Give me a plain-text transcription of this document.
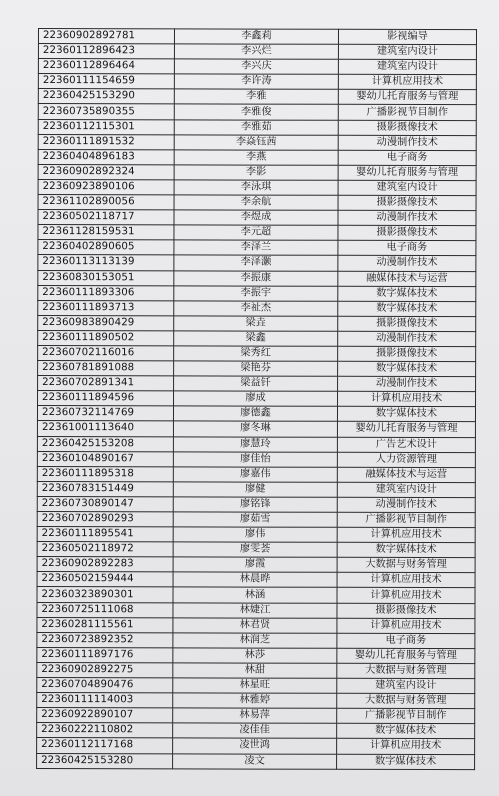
22360902892781	李鑫莉	影视编导
22360112896423	李兴烂	建筑室内设计
22360112896464	李兴庆	建筑室内设计
22360111154659	李许涛	计算机应用技术
22360425153290	李雅	婴幼儿托育服务与管理
22360735890355	李雅俊	广播影视节目制作
22360112115301	李雅茹	摄影摄像技术
22360111891532	李焱钰茜	动漫制作技术
22360404896183	李燕	电子商务
22360902892324	李影	婴幼儿托育服务与管理
22360923890106	李泳琪	建筑室内设计
22361102890056	李余航	摄影摄像技术
22360502118717	李煜成	动漫制作技术
22361128159531	李元超	摄影摄像技术
22360402890605	李泽兰	电子商务
22360113113139	李泽灏	动漫制作技术
22360830153051	李振康	融媒体技术与运营
22360111893306	李振宇	数字媒体技术
22360111893713	李祉杰	数字媒体技术
22360983890429	梁垚	摄影摄像技术
22360111890502	梁鑫	动漫制作技术
22360702116016	梁秀红	摄影摄像技术
22360781891088	梁艳芬	数字媒体技术
22360702891341	梁益钎	动漫制作技术
22360111894596	廖成	计算机应用技术
22360732114769	廖德鑫	数字媒体技术
22361001113640	廖冬琳	婴幼儿托育服务与管理
22360425153208	廖慧玲	广告艺术设计
22360104890167	廖佳怡	人力资源管理
22360111895318	廖嘉伟	融媒体技术与运营
22360783151449	廖健	建筑室内设计
22360730890147	廖铭锋	动漫制作技术
22360702890293	廖茹雪	广播影视节目制作
22360111895541	廖伟	计算机应用技术
22360502118972	廖雯荟	数字媒体技术
22360902892283	廖霞	大数据与财务管理
22360502159444	林晨晔	计算机应用技术
22360323890301	林涵	计算机应用技术
22360725111068	林婕江	摄影摄像技术
22360281115561	林君贤	计算机应用技术
22360723892352	林润芝	电子商务
22360111897176	林莎	婴幼儿托育服务与管理
22360902892275	林甜	大数据与财务管理
22360704890476	林星旺	建筑室内设计
22360111114003	林雅婷	大数据与财务管理
22360922890107	林易萍	广播影视节目制作
22360222110802	凌佳佳	数字媒体技术
22360112117168	凌世鸿	计算机应用技术
22360425153280	凌文	数字媒体技术
